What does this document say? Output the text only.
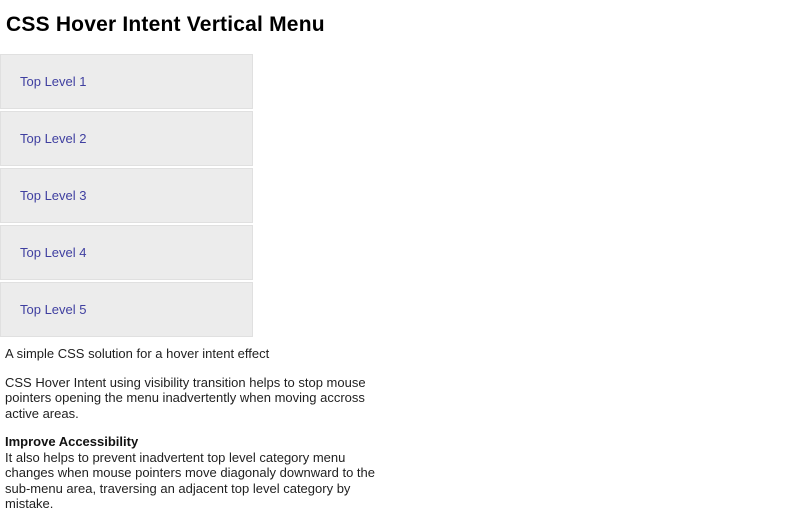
CSS Hover Intent Vertical Menu
Top Level 1
Top Level 2
Top Level 3
Top Level 4
Top Level 5

A simple CSS solution for a hover intent effect

CSS Hover Intent using visibility transition helps to stop mouse pointers opening the menu inadvertently when moving accross active areas.

Improve Accessibility
It also helps to prevent inadvertent top level category menu changes when mouse pointers move diagonaly downward to the sub-menu area, traversing an adjacent top level category by mistake.
